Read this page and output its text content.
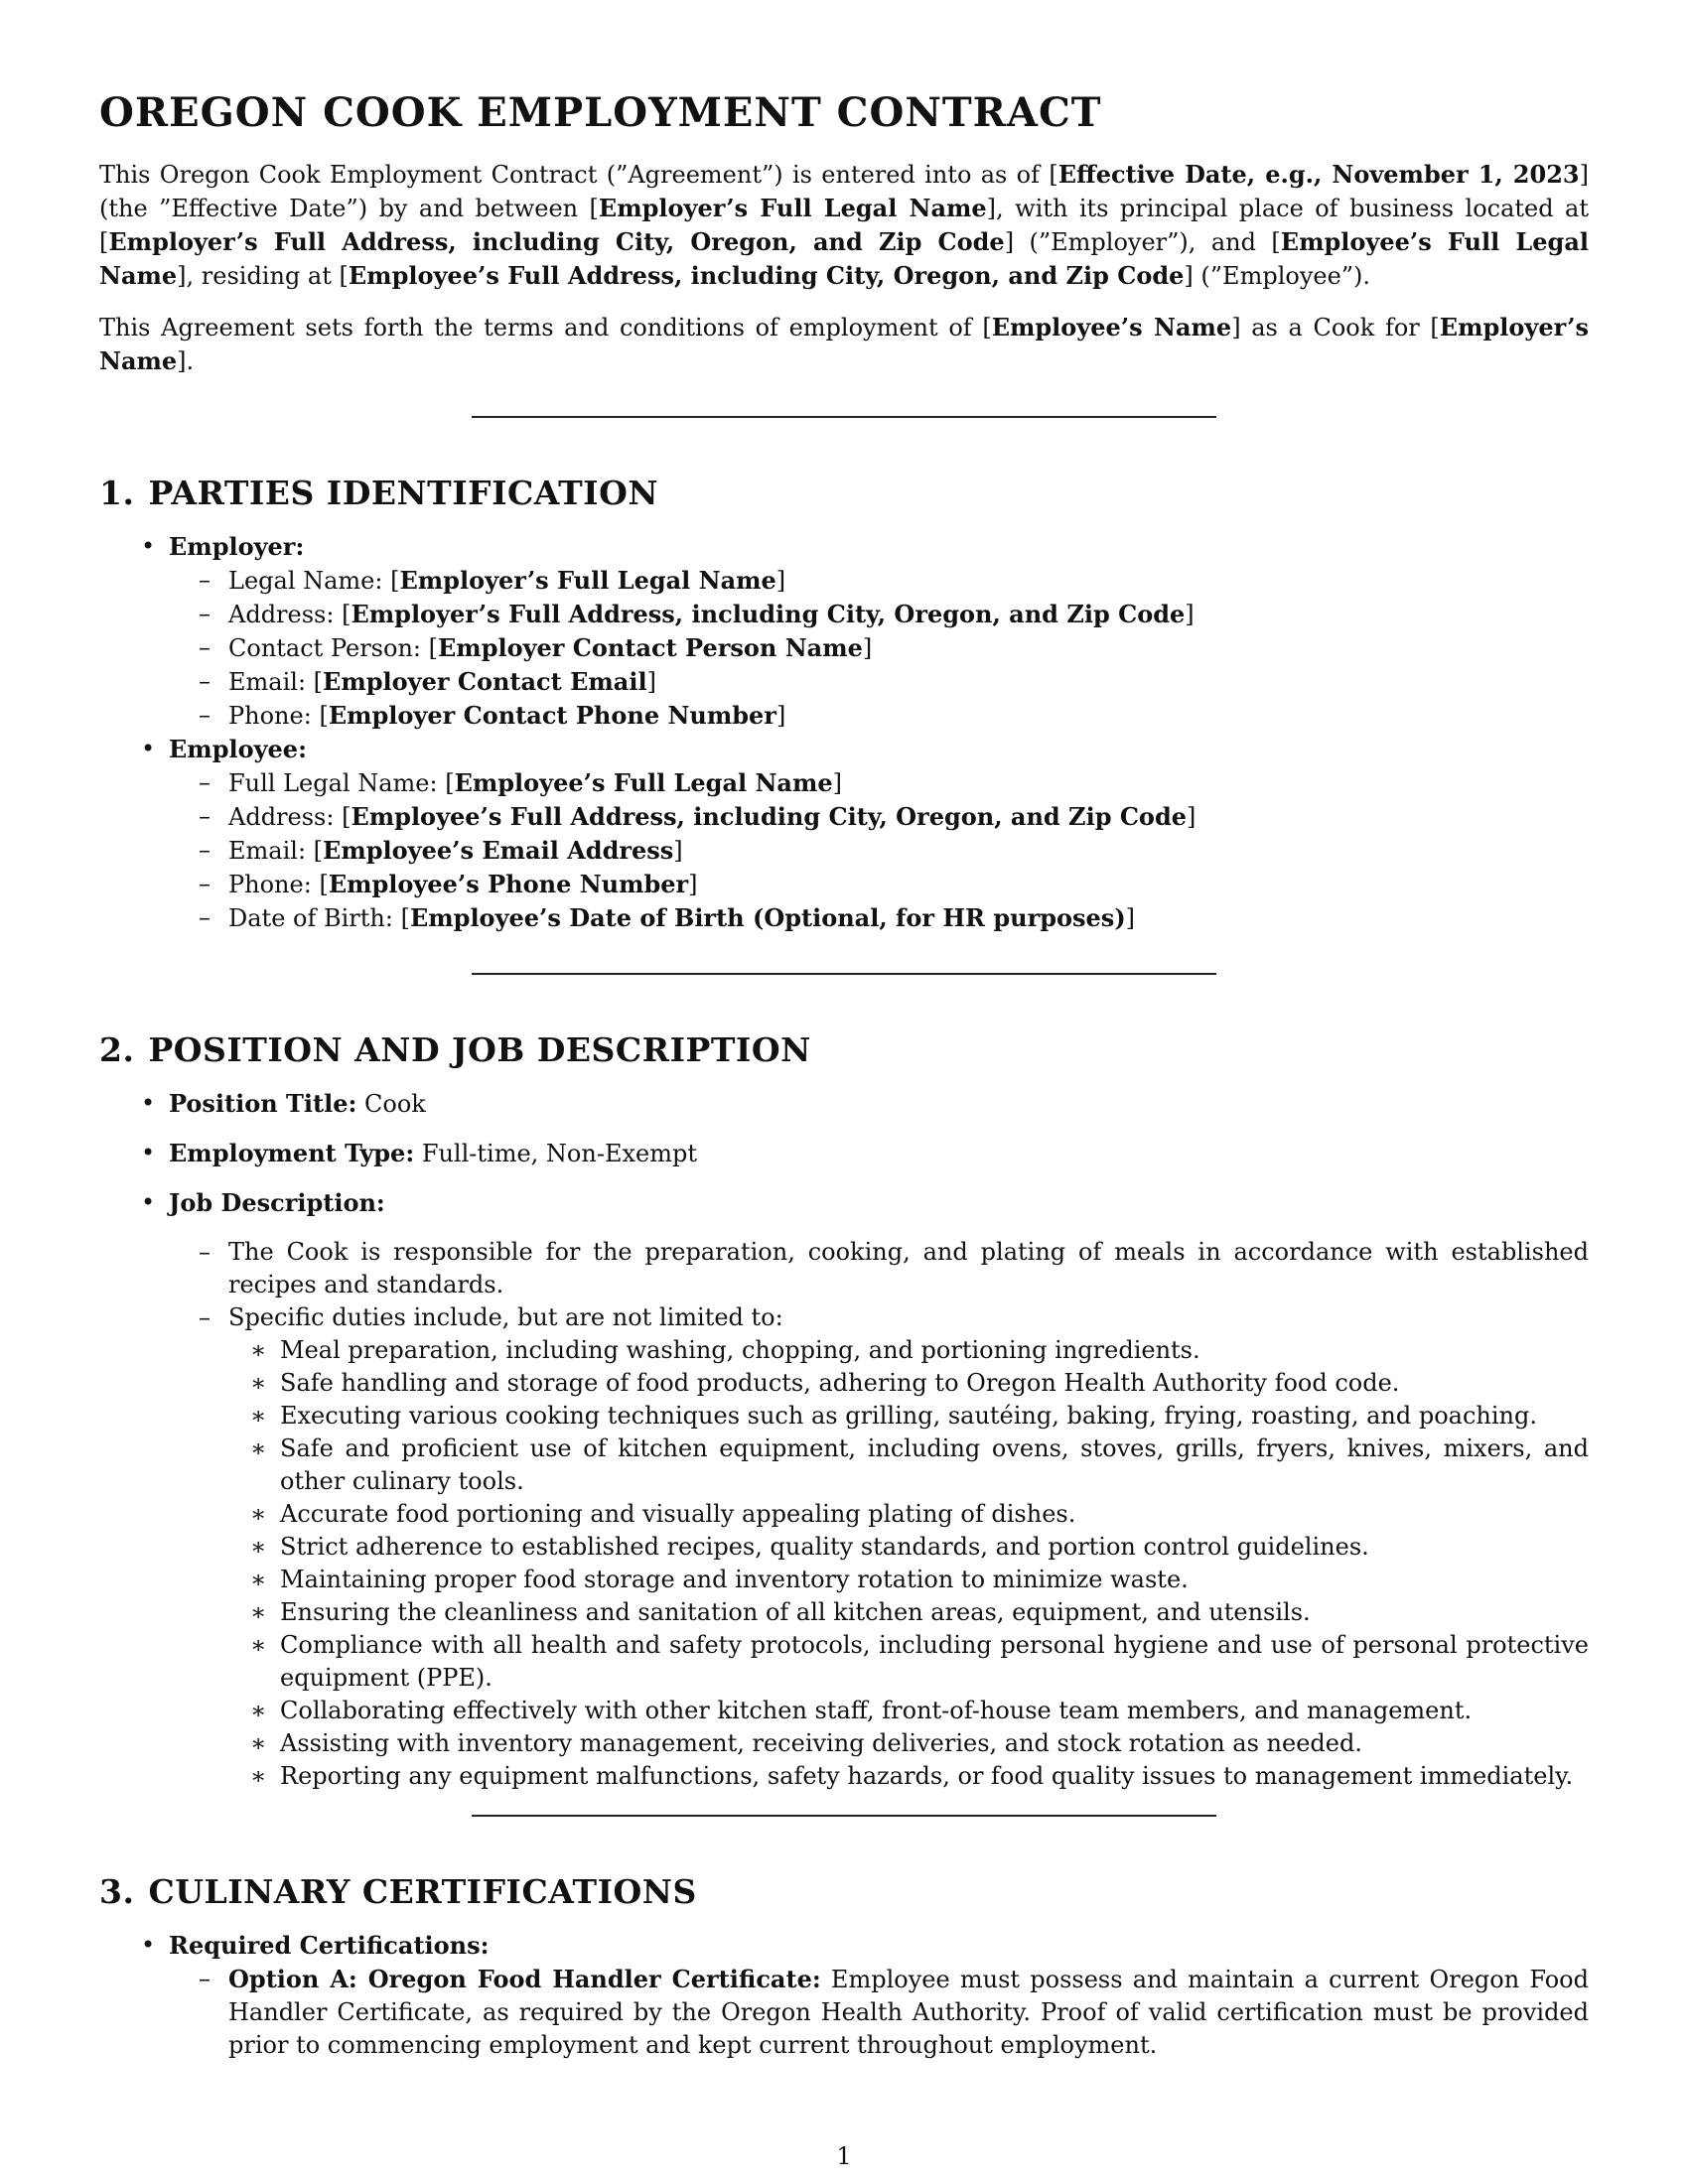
OREGON COOK EMPLOYMENT CONTRACT

This Oregon Cook Employment Contract (”Agreement”) is entered into as of [Effective Date, e.g., November 1, 2023] (the ”Effective Date”) by and between [Employer’s Full Legal Name], with its principal place of business located at [Employer’s Full Address, including City, Oregon, and Zip Code] (”Employer”), and [Employee’s Full Legal Name], residing at [Employee’s Full Address, including City, Oregon, and Zip Code] (”Employee”).

This Agreement sets forth the terms and conditions of employment of [Employee’s Name] as a Cook for [Employer’s Name].

1. PARTIES IDENTIFICATION
• Employer:
– Legal Name: [Employer’s Full Legal Name]
– Address: [Employer’s Full Address, including City, Oregon, and Zip Code]
– Contact Person: [Employer Contact Person Name]
– Email: [Employer Contact Email]
– Phone: [Employer Contact Phone Number]
• Employee:
– Full Legal Name: [Employee’s Full Legal Name]
– Address: [Employee’s Full Address, including City, Oregon, and Zip Code]
– Email: [Employee’s Email Address]
– Phone: [Employee’s Phone Number]
– Date of Birth: [Employee’s Date of Birth (Optional, for HR purposes)]
2. POSITION AND JOB DESCRIPTION
• Position Title: Cook
• Employment Type: Full-time, Non-Exempt
• Job Description:
– The Cook is responsible for the preparation, cooking, and plating of meals in accordance with established recipes and standards.
– Specific duties include, but are not limited to:
∗ Meal preparation, including washing, chopping, and portioning ingredients.
∗ Safe handling and storage of food products, adhering to Oregon Health Authority food code.
∗ Executing various cooking techniques such as grilling, sautéing, baking, frying, roasting, and poaching.
∗ Safe and proficient use of kitchen equipment, including ovens, stoves, grills, fryers, knives, mixers, and other culinary tools.
∗ Accurate food portioning and visually appealing plating of dishes.
∗ Strict adherence to established recipes, quality standards, and portion control guidelines.
∗ Maintaining proper food storage and inventory rotation to minimize waste.
∗ Ensuring the cleanliness and sanitation of all kitchen areas, equipment, and utensils.
∗ Compliance with all health and safety protocols, including personal hygiene and use of personal protective equipment (PPE).
∗ Collaborating effectively with other kitchen staff, front-of-house team members, and management.
∗ Assisting with inventory management, receiving deliveries, and stock rotation as needed.
∗ Reporting any equipment malfunctions, safety hazards, or food quality issues to management immediately.
3. CULINARY CERTIFICATIONS
• Required Certifications:
– Option A: Oregon Food Handler Certificate: Employee must possess and maintain a current Oregon Food Handler Certificate, as required by the Oregon Health Authority. Proof of valid certification must be provided prior to commencing employment and kept current throughout employment.
1
